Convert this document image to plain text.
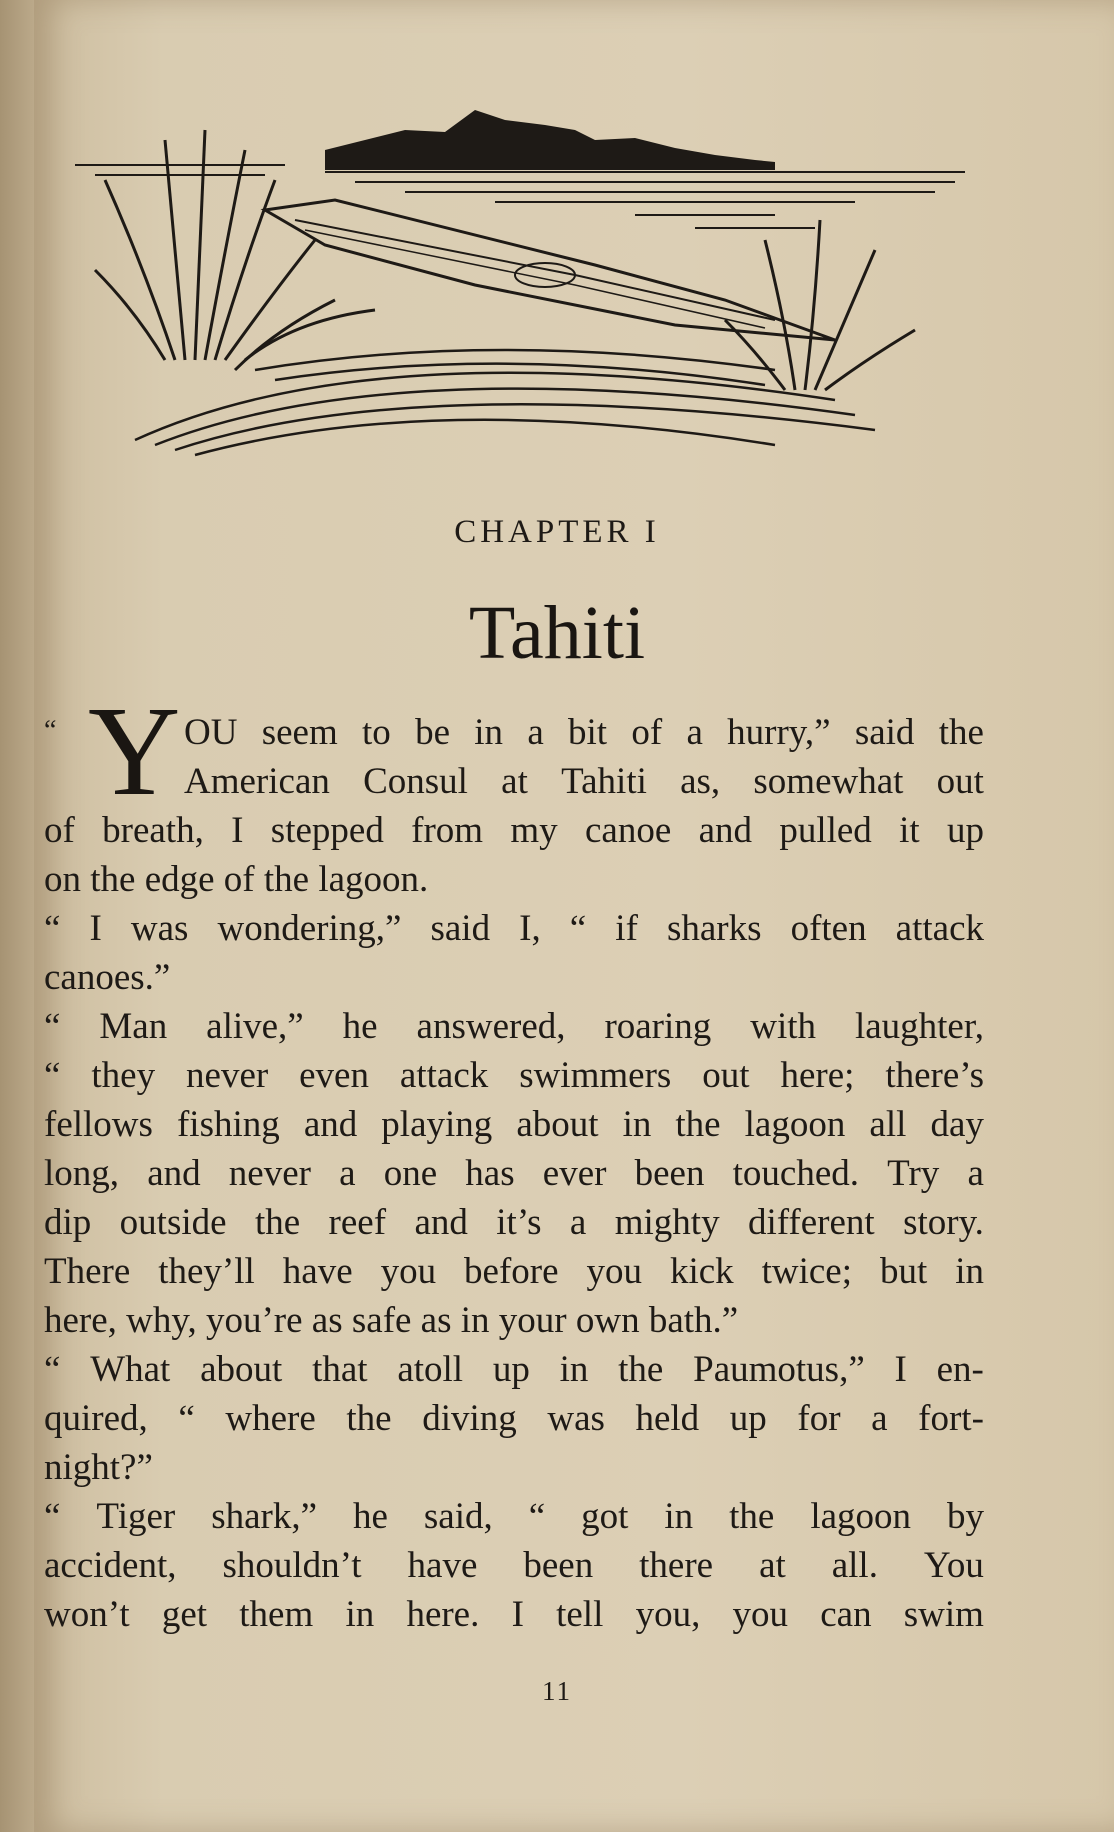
CHAPTER I
Tahiti
“ Y OU seem to be in a bit of a hurry,” said the
American Consul at Tahiti as, somewhat out
of breath, I stepped from my canoe and pulled it up
on the edge of the lagoon.
“ I was wondering,” said I, “ if sharks often attack
canoes.”
“ Man alive,” he answered, roaring with laughter,
“ they never even attack swimmers out here; there’s
fellows fishing and playing about in the lagoon all day
long, and never a one has ever been touched. Try a
dip outside the reef and it’s a mighty different story.
There they’ll have you before you kick twice; but in
here, why, you’re as safe as in your own bath.”
“ What about that atoll up in the Paumotus,” I en-
quired, “ where the diving was held up for a fort-
night?”
“ Tiger shark,” he said, “ got in the lagoon by
accident, shouldn’t have been there at all. You
won’t get them in here. I tell you, you can swim
11
